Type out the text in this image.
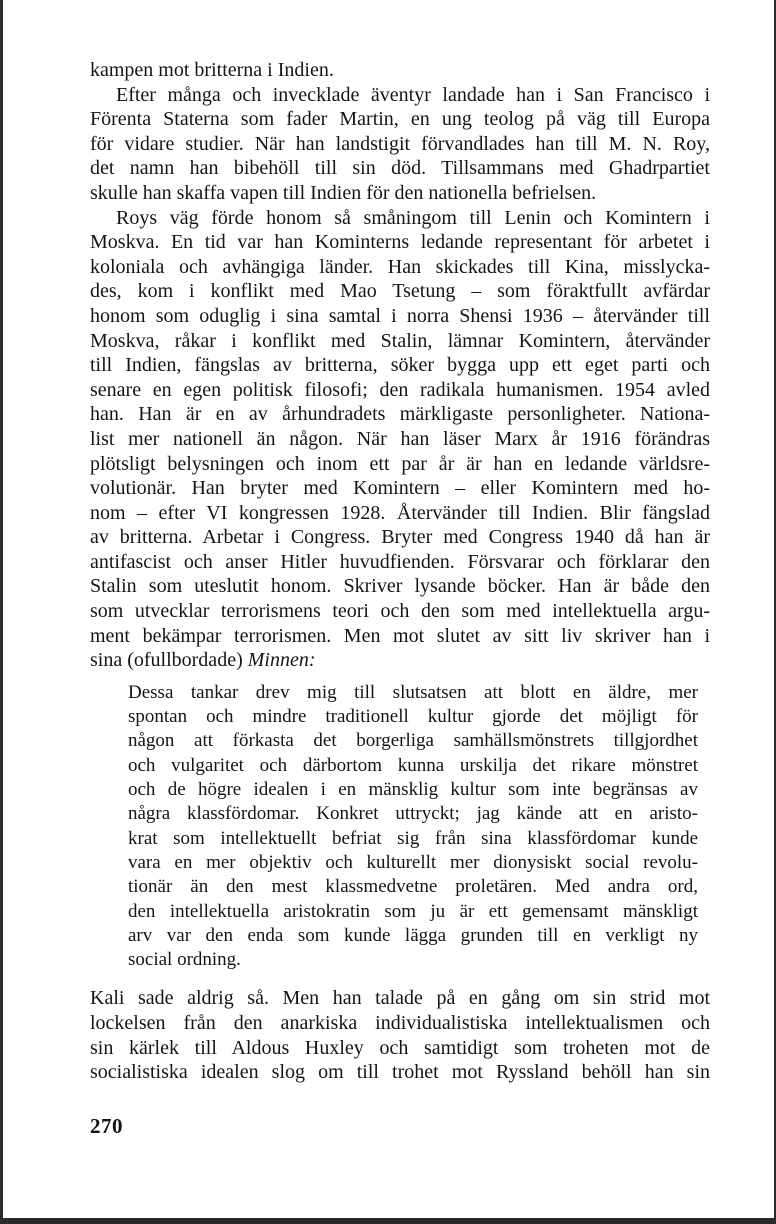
kampen mot britterna i Indien.
Efter många och invecklade äventyr landade han i San Francisco i
Förenta Staterna som fader Martin, en ung teolog på väg till Europa
för vidare studier. När han landstigit förvandlades han till M. N. Roy,
det namn han bibehöll till sin död. Tillsammans med Ghadrpartiet
skulle han skaffa vapen till Indien för den nationella befrielsen.
Roys väg förde honom så småningom till Lenin och Komintern i
Moskva. En tid var han Kominterns ledande representant för arbetet i
koloniala och avhängiga länder. Han skickades till Kina, misslycka-
des, kom i konflikt med Mao Tsetung – som föraktfullt avfärdar
honom som oduglig i sina samtal i norra Shensi 1936 – återvänder till
Moskva, råkar i konflikt med Stalin, lämnar Komintern, återvänder
till Indien, fängslas av britterna, söker bygga upp ett eget parti och
senare en egen politisk filosofi; den radikala humanismen. 1954 avled
han. Han är en av århundradets märkligaste personligheter. Nationa-
list mer nationell än någon. När han läser Marx år 1916 förändras
plötsligt belysningen och inom ett par år är han en ledande världsre-
volutionär. Han bryter med Komintern – eller Komintern med ho-
nom – efter VI kongressen 1928. Återvänder till Indien. Blir fängslad
av britterna. Arbetar i Congress. Bryter med Congress 1940 då han är
antifascist och anser Hitler huvudfienden. Försvarar och förklarar den
Stalin som uteslutit honom. Skriver lysande böcker. Han är både den
som utvecklar terrorismens teori och den som med intellektuella argu-
ment bekämpar terrorismen. Men mot slutet av sitt liv skriver han i
sina (ofullbordade) Minnen:
Dessa tankar drev mig till slutsatsen att blott en äldre, mer
spontan och mindre traditionell kultur gjorde det möjligt för
någon att förkasta det borgerliga samhällsmönstrets tillgjordhet
och vulgaritet och därbortom kunna urskilja det rikare mönstret
och de högre idealen i en mänsklig kultur som inte begränsas av
några klassfördomar. Konkret uttryckt; jag kände att en aristo-
krat som intellektuellt befriat sig från sina klassfördomar kunde
vara en mer objektiv och kulturellt mer dionysiskt social revolu-
tionär än den mest klassmedvetne proletären. Med andra ord,
den intellektuella aristokratin som ju är ett gemensamt mänskligt
arv var den enda som kunde lägga grunden till en verkligt ny
social ordning.
Kali sade aldrig så. Men han talade på en gång om sin strid mot
lockelsen från den anarkiska individualistiska intellektualismen och
sin kärlek till Aldous Huxley och samtidigt som troheten mot de
socialistiska idealen slog om till trohet mot Ryssland behöll han sin
270
